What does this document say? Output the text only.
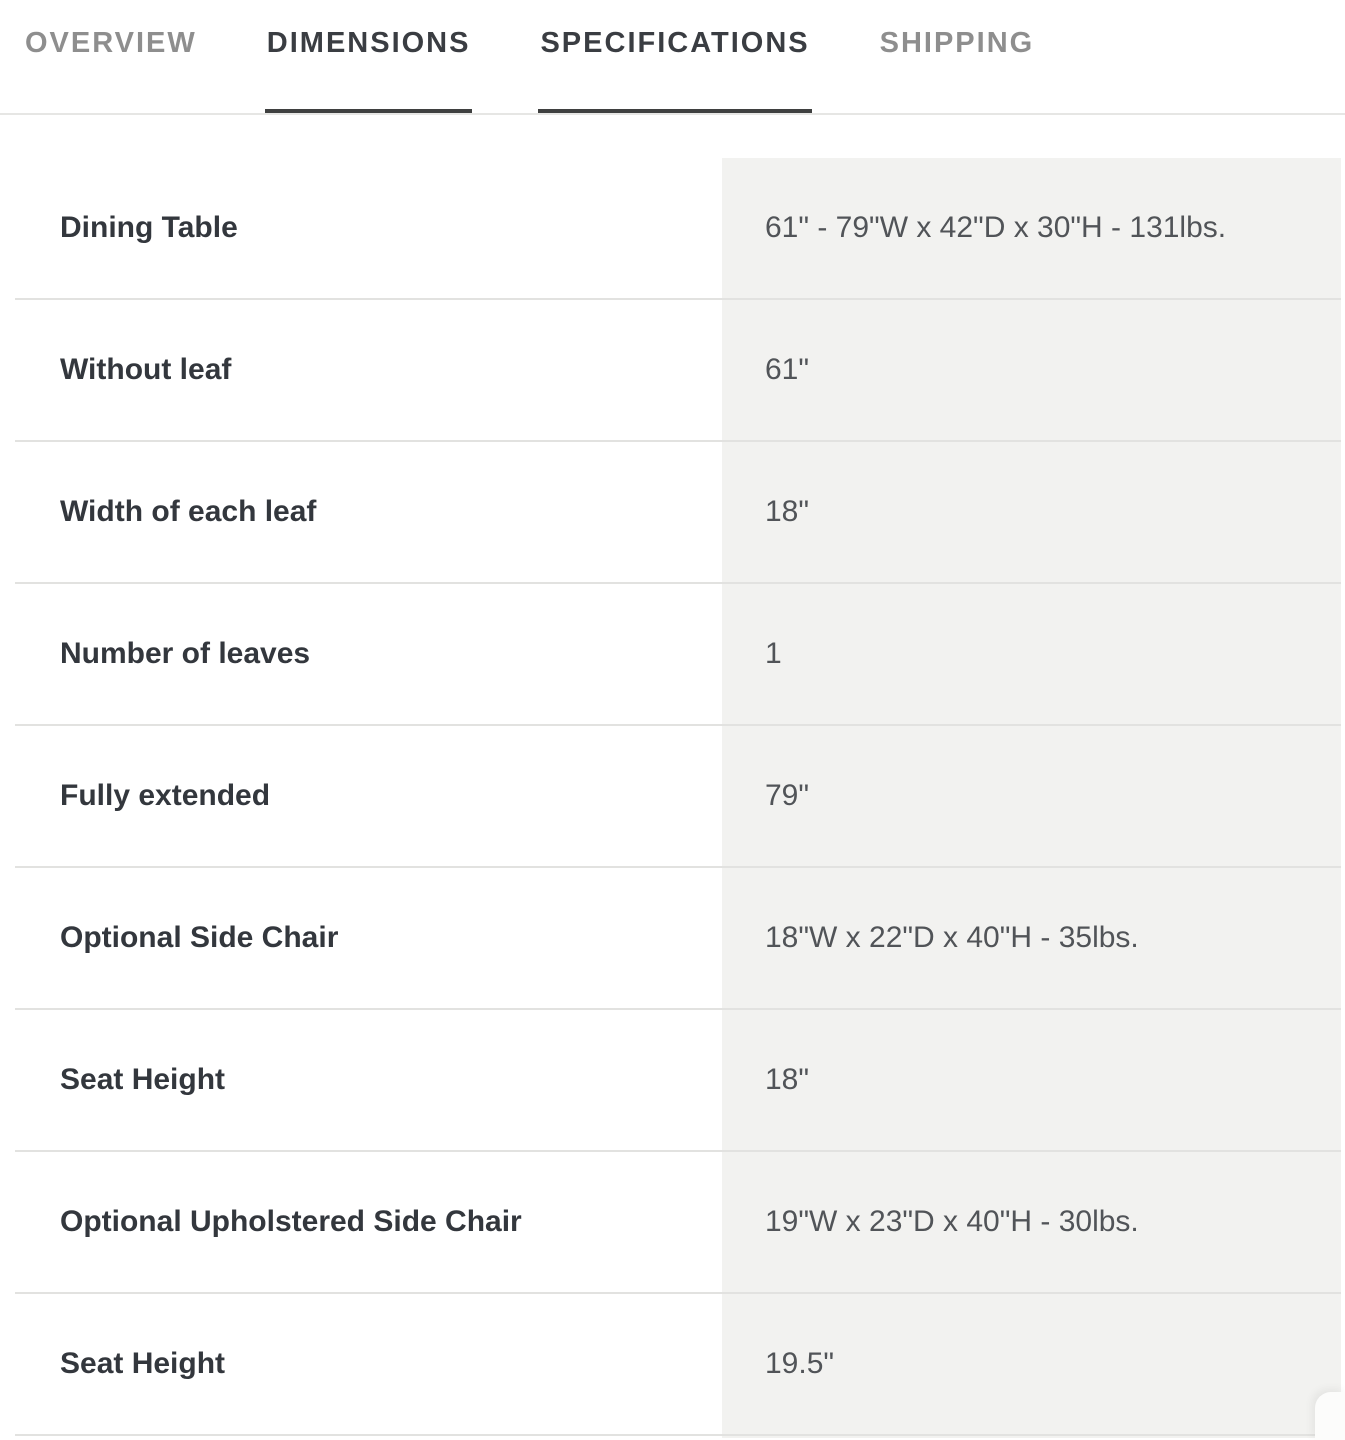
OVERVIEW DIMENSIONS SPECIFICATIONS SHIPPING
Dining Table	61" - 79"W x 42"D x 30"H - 131lbs.
Without leaf	61"
Width of each leaf	18"
Number of leaves	1
Fully extended	79"
Optional Side Chair	18"W x 22"D x 40"H - 35lbs.
Seat Height	18"
Optional Upholstered Side Chair	19"W x 23"D x 40"H - 30lbs.
Seat Height	19.5"
